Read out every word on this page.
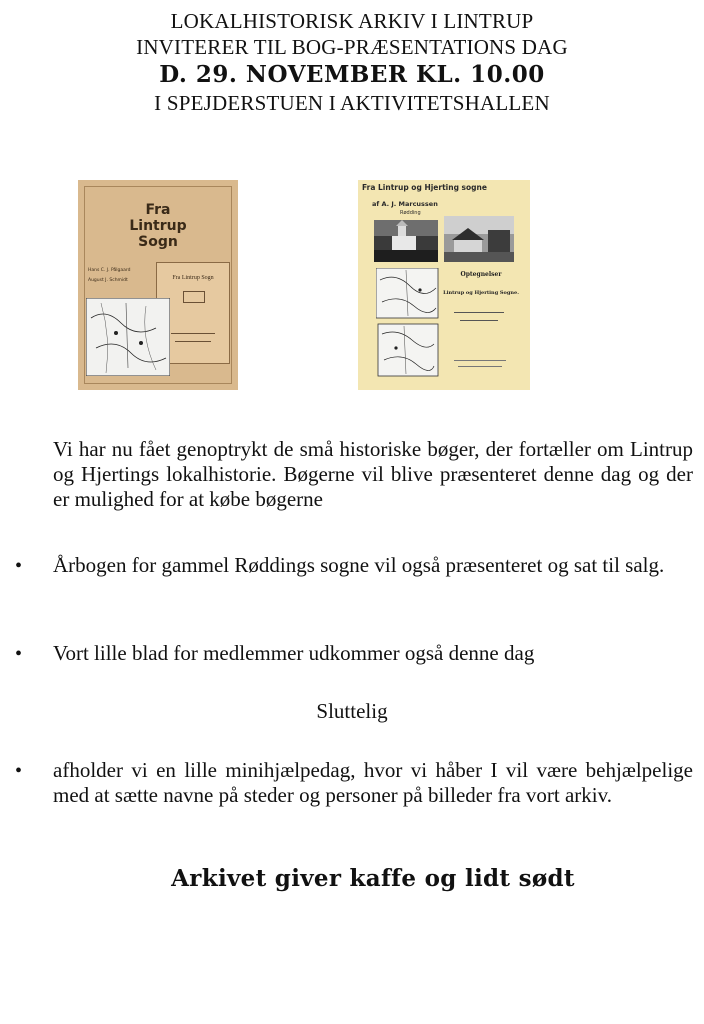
LOKALHISTORISK ARKIV I LINTRUP
INVITERER TIL BOG-PRÆSENTATIONS DAG
D. 29. NOVEMBER KL. 10.00
I SPEJDERSTUEN I AKTIVITETSHALLEN
Fra
Lintrup
Sogn
Hans C. J. Pålgaard
August J. Schmidt	Fra Lintrup Sogn
Fra Lintrup og Hjerting sogne
af A. J. Marcussen
Rødding
Optegnelser
Lintrup og Hjerting Sogne.
Vi har nu fået genoptrykt de små historiske bøger, der fortæller om Lintrup og Hjertings lokalhistorie. Bøgerne vil blive præsenteret denne dag og der er mulighed for at købe bøgerne
• Årbogen for gammel Røddings sogne vil også præsenteret og sat til salg.
• Vort lille blad for medlemmer udkommer også denne dag
Sluttelig
• afholder vi en lille minihjælpedag, hvor vi håber I vil være behjælpelige med at sætte navne på steder og personer på billeder fra vort arkiv.
Arkivet giver kaffe og lidt sødt
